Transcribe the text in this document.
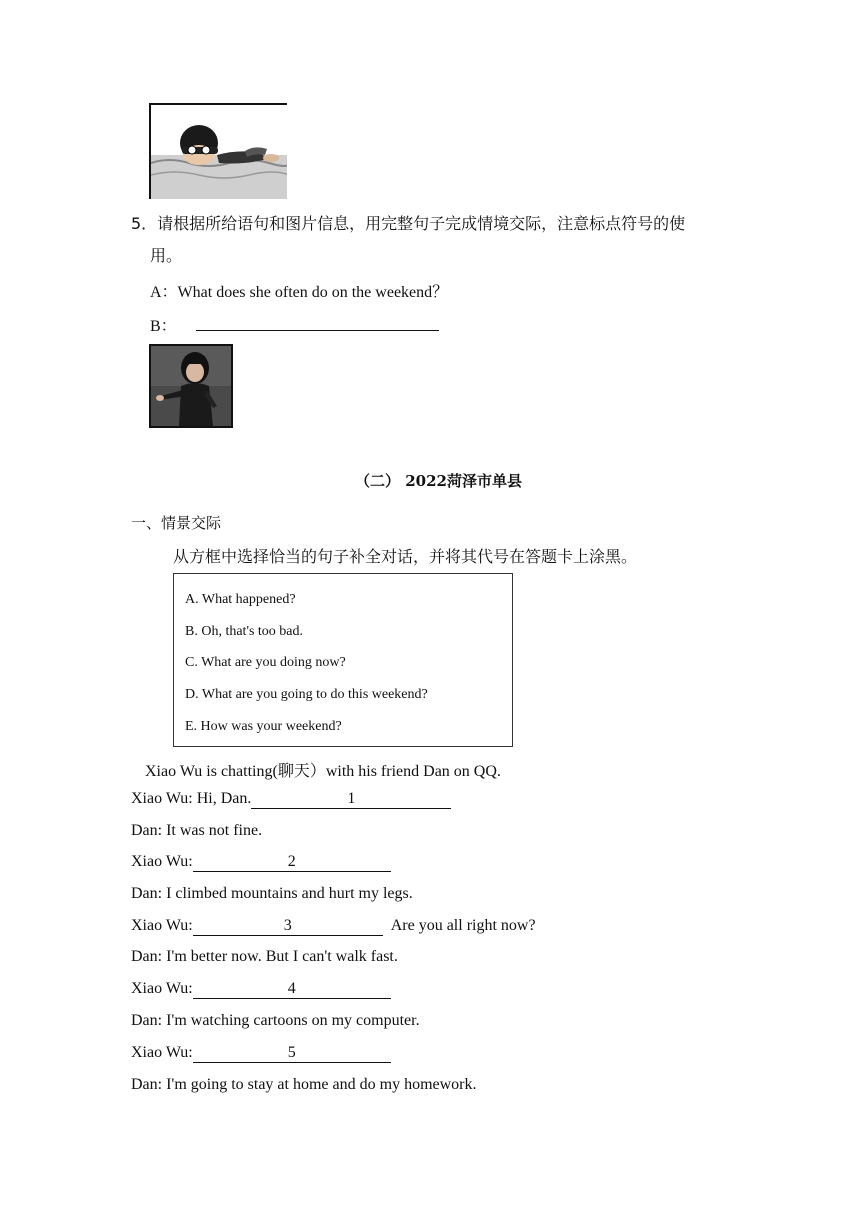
5．请根据所给语句和图片信息，用完整句子完成情境交际，注意标点符号的使
用。
A：What does she often do on the weekend？
B：
（二） 2022菏泽市单县
一、情景交际
从方框中选择恰当的句子补全对话，并将其代号在答题卡上涂黑。
A. What happened?
B. Oh, that's too bad.
C. What are you doing now?
D. What are you going to do this weekend?
E. How was your weekend?
Xiao Wu is chatting(聊天）with his friend Dan on QQ.
Xiao Wu: Hi, Dan.	1
Dan: It was not fine.
Xiao Wu:	2
Dan: I climbed mountains and hurt my legs.
Xiao Wu:	3	Are you all right now?
Dan: I'm better now. But I can't walk fast.
Xiao Wu:	4
Dan: I'm watching cartoons on my computer.
Xiao Wu:	5
Dan: I'm going to stay at home and do my homework.
